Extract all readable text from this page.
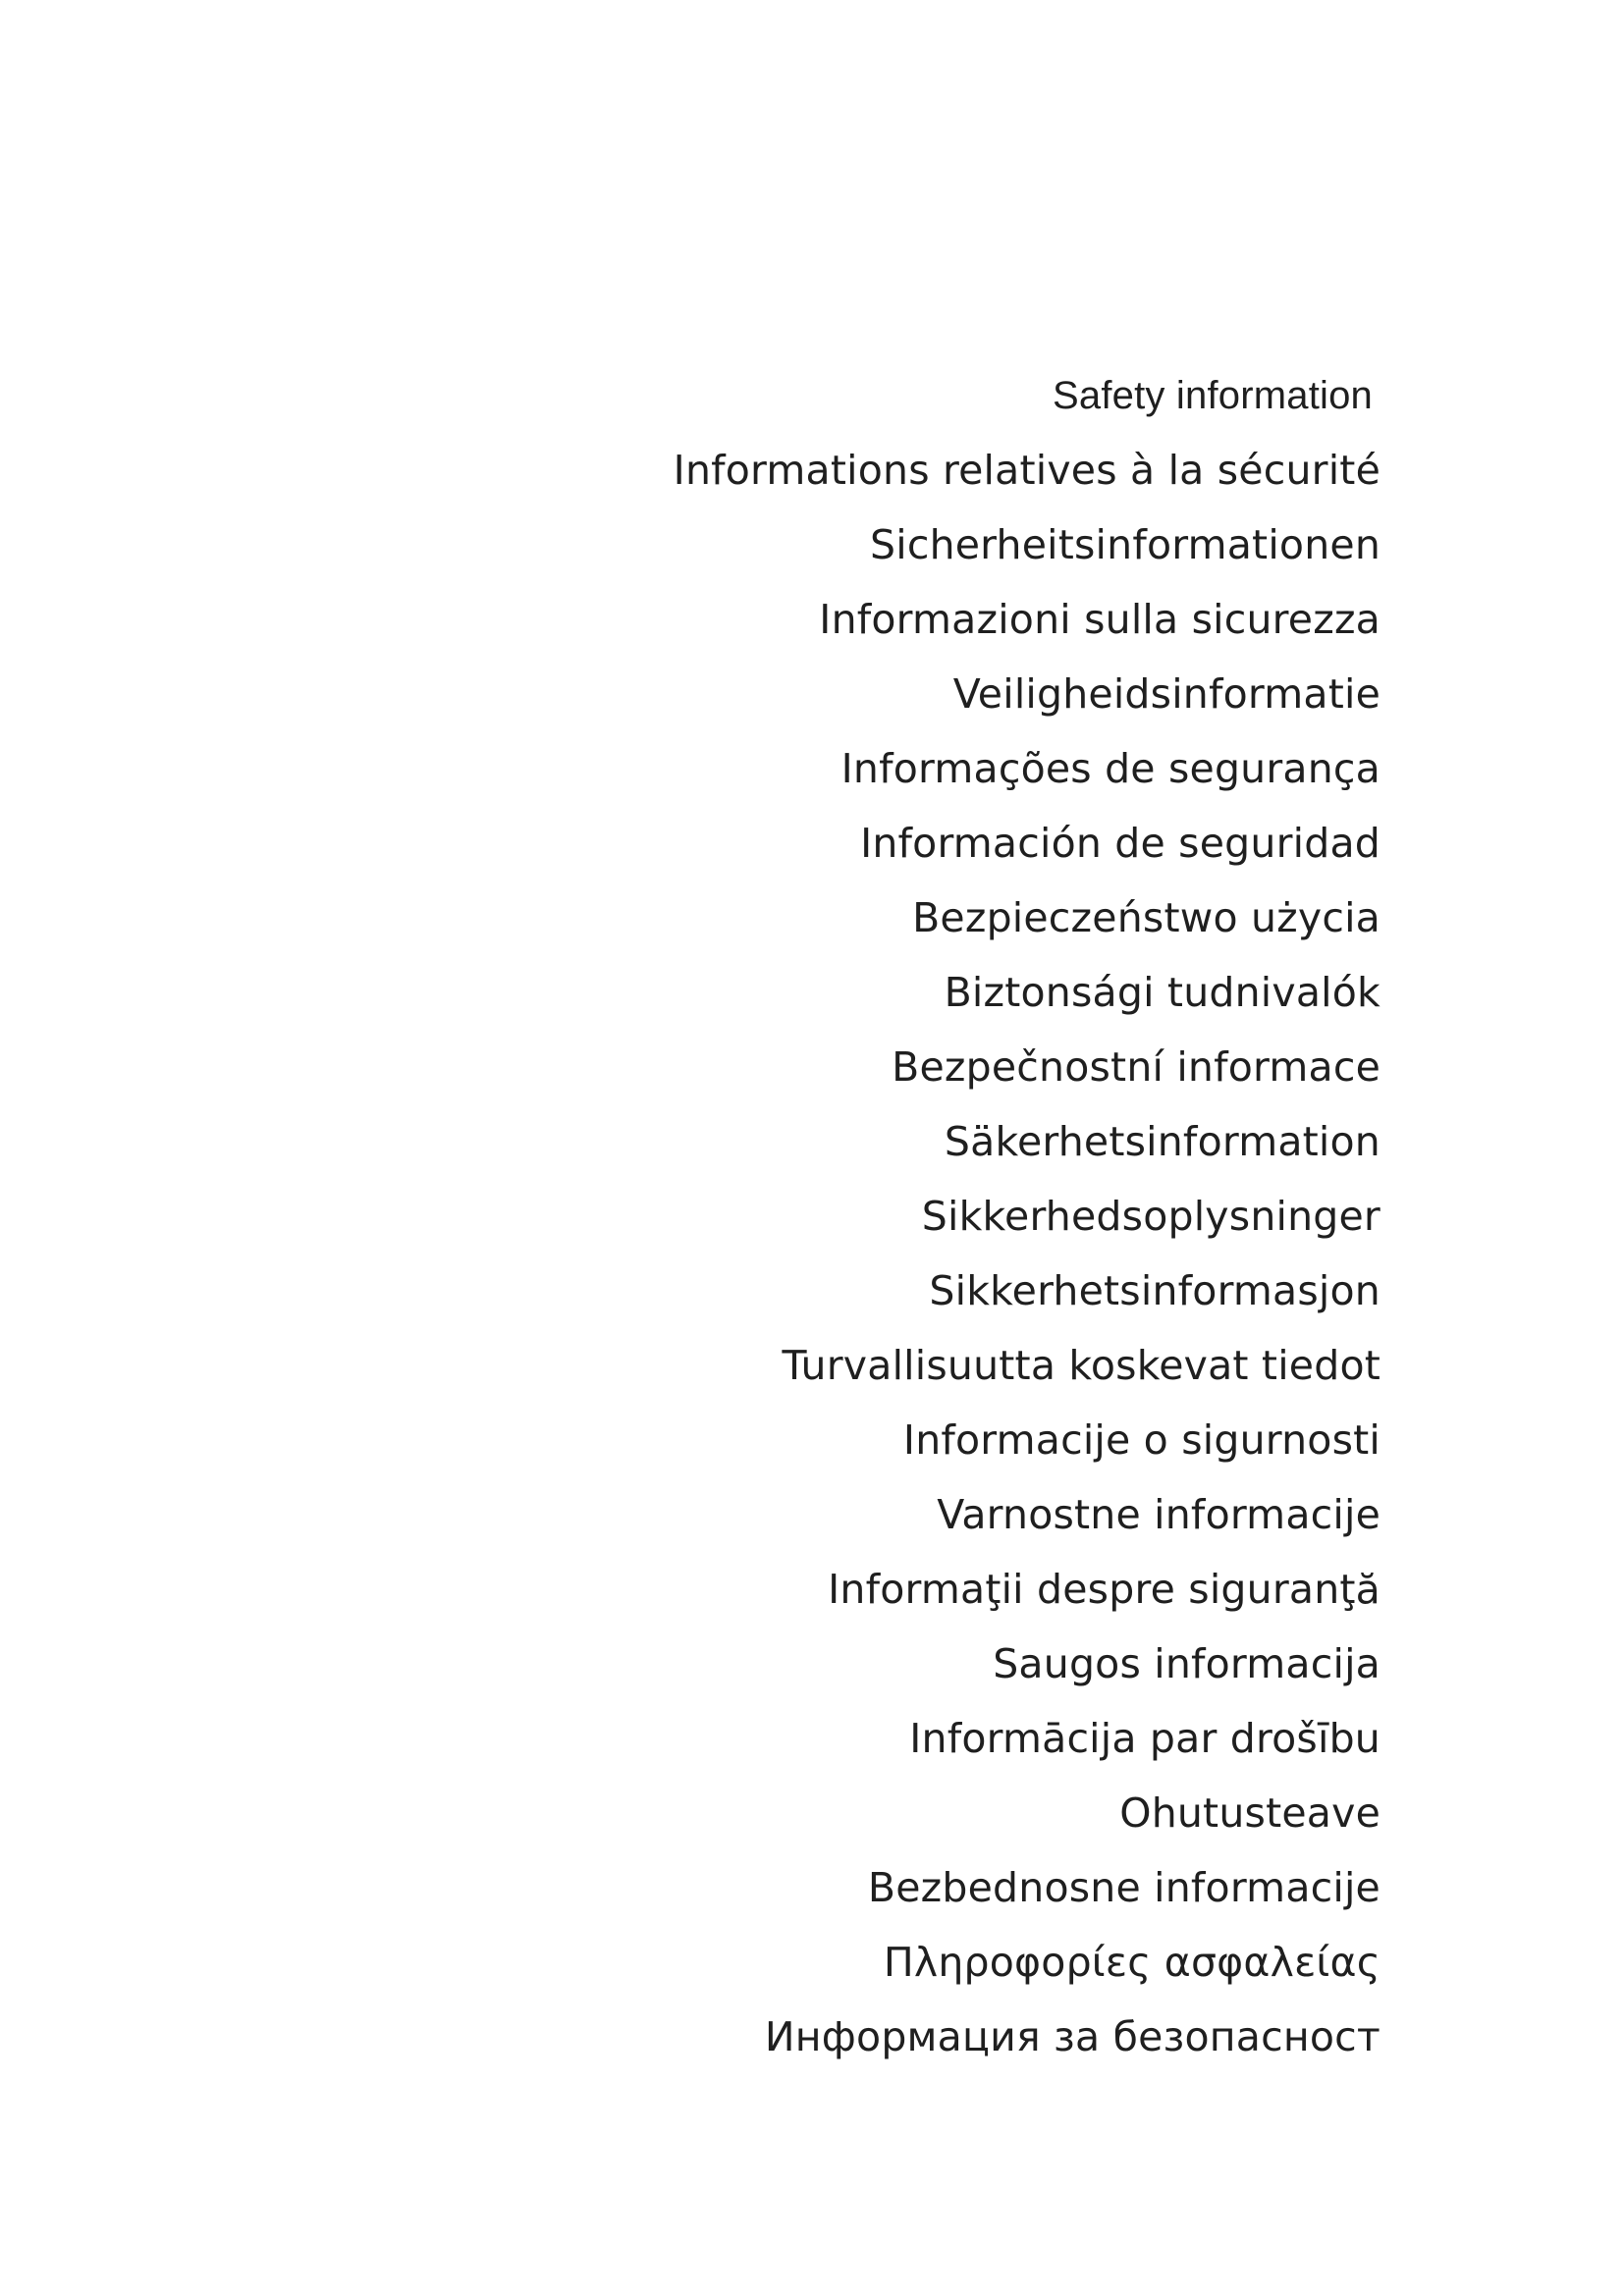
Safety information
Informations relatives à la sécurité
Sicherheitsinformationen
Informazioni sulla sicurezza
Veiligheidsinformatie
Informações de segurança
Información de seguridad
Bezpieczeństwo użycia
Biztonsági tudnivalók
Bezpečnostní informace
Säkerhetsinformation
Sikkerhedsoplysninger
Sikkerhetsinformasjon
Turvallisuutta koskevat tiedot
Informacije o sigurnosti
Varnostne informacije
Informaţii despre siguranţă
Saugos informacija
Informācija par drošību
Ohutusteave
Bezbednosne informacije
Πληροφορίες ασφαλείας
Информация за безопасност
